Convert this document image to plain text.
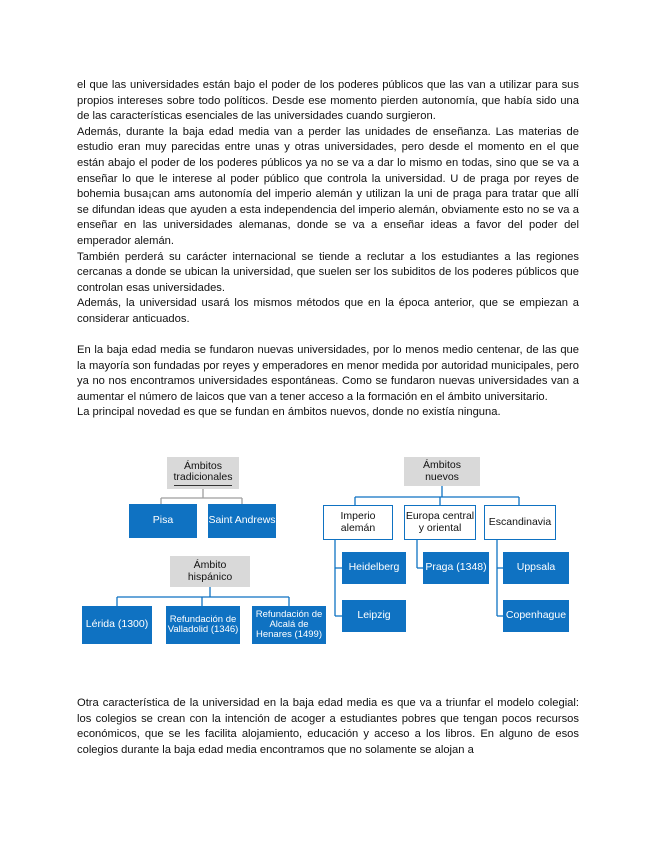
el que las universidades están bajo el poder de los poderes públicos que las van a utilizar para sus propios intereses sobre todo políticos. Desde ese momento pierden autonomía, que había sido una de las características esenciales de las universidades cuando surgieron.

Además, durante la baja edad media van a perder las unidades de enseñanza. Las materias de estudio eran muy parecidas entre unas y otras universidades, pero desde el momento en el que están abajo el poder de los poderes públicos ya no se va a dar lo mismo en todas, sino que se va a enseñar lo que le interese al poder público que controla la universidad. U de praga por reyes de bohemia busa¡can ams autonomía del imperio alemán y utilizan la uni de praga para tratar que allí se difundan ideas que ayuden a esta independencia del imperio alemán, obviamente esto no se va a enseñar en las universidades alemanas, donde se va a enseñar ideas a favor del poder del emperador alemán.

También perderá su carácter internacional se tiende a reclutar a los estudiantes a las regiones cercanas a donde se ubican la universidad, que suelen ser los subiditos de los poderes públicos que controlan esas universidades.

Además, la universidad usará los mismos métodos que en la época anterior, que se empiezan a considerar anticuados.

En la baja edad media se fundaron nuevas universidades, por lo menos medio centenar, de las que la mayoría son fundadas por reyes y emperadores en menor medida por autoridad municipales, pero ya no nos encontramos universidades espontáneas. Como se fundaron nuevas universidades van a aumentar el número de laicos que van a tener acceso a la formación en el ámbito universitario.

La principal novedad es que se fundan en ámbitos nuevos, donde no existía ninguna.

Ámbitos
tradicionales
Pisa	Saint Andrews
Ámbito
hispánico
Lérida (1300)	Refundación de Valladolid (1346)
Refundación de Alcalá de Henares (1499)
Ámbitos
nuevos
Imperio alemán
Europa central y oriental	Escandinavia
Heidelberg
Leipzig
Praga (1348)	Uppsala
Copenhague

Otra característica de la universidad en la baja edad media es que va a triunfar el modelo colegial: los colegios se crean con la intención de acoger a estudiantes pobres que tengan pocos recursos económicos, que se les facilita alojamiento, educación y acceso a los libros. En alguno de esos colegios durante la baja edad media encontramos que no solamente se alojan a
